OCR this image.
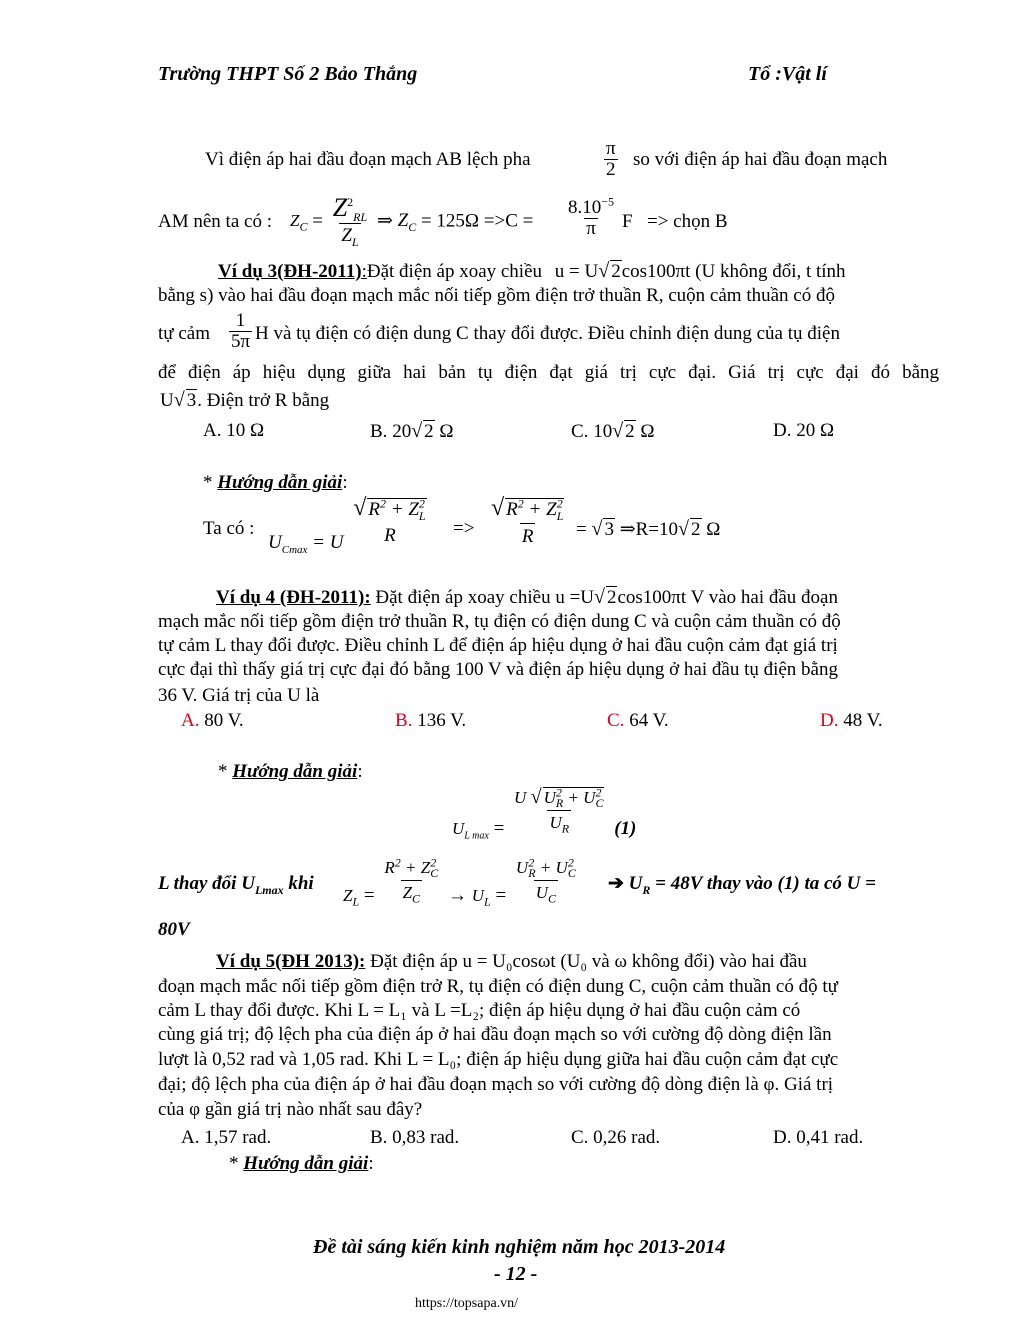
Trường THPT Số 2 Bảo Thắng	Tổ :Vật lí
Vì điện áp hai đầu đoạn mạch AB lệch pha	$\frac{\pi}{2}$ so với điện áp hai đầu đoạn mạch
AM nên ta có : $Z_C = \frac{Z^2_{RL}}{Z_L}$ ⇒ $Z_C = 125\Omega =>C = \frac{8.10^{-5}}{\pi}$ F => chọn B
Ví dụ 3(ĐH-2011):Đặt điện áp xoay chiều u = U√ 2cos100πt (U không đổi, t tính
bằng s) vào hai đầu đoạn mạch mắc nối tiếp gồm điện trở thuần R, cuộn cảm thuần có độ
tự cảm $\frac{1}{5\pi}$ H và tụ điện có điện dung C thay đổi được. Điều chỉnh điện dung của tụ điện
để điện áp hiệu dụng giữa hai bản tụ điện đạt giá trị cực đại. Giá trị cực đại đó bằng
U√ 3. Điện trở R bằng
A. 10 Ω	B. 20√ 2 Ω	C. 10√ 2 Ω	D. 20 Ω
* Hướng dẫn giải:
Ta có :
$U_{Cmax} = U$
√ $R^2 + Z^2_L$
R	=> $\frac{√ R^2 + Z^2_L}{R}$ = √ 3 ⇒R=10√ 2 Ω
Ví dụ 4 (ĐH-2011): Đặt điện áp xoay chiều u =U√ 2cos100πt V vào hai đầu đoạn
mạch mắc nối tiếp gồm điện trở thuần R, tụ điện có điện dung C và cuộn cảm thuần có độ
tự cảm L thay đổi được. Điều chỉnh L để điện áp hiệu dụng ở hai đầu cuộn cảm đạt giá trị
cực đại thì thấy giá trị cực đại đó bằng 100 V và điện áp hiệu dụng ở hai đầu tụ điện bằng
36 V. Giá trị của U là
A. 80 V.	B. 136 V.	C. 64 V.	D. 48 V.
* Hướng dẫn giải:
$U_{L max} = \frac{U √ U^2_R + U^2_C}{U_R} (1)$
L thay đổi $U_{Lmax}$ khi
$Z_L = \frac{R^2 + Z^2_C}{Z_C} \to U_L = \frac{U^2_R + U^2_C}{U_C}$ ➔ $U_R = 48V$ thay vào (1) ta có U =
80V
Ví dụ 5(ĐH 2013): Đặt điện áp u = U₀cosωt (U₀ và ω không đổi) vào hai đầu
đoạn mạch mắc nối tiếp gồm điện trở R, tụ điện có điện dung C, cuộn cảm thuần có độ tự
cảm L thay đổi được. Khi L = L₁ và L =L₂; điện áp hiệu dụng ở hai đầu cuộn cảm có
cùng giá trị; độ lệch pha của điện áp ở hai đầu đoạn mạch so với cường độ dòng điện lần
lượt là 0,52 rad và 1,05 rad. Khi L = L₀; điện áp hiệu dụng giữa hai đầu cuộn cảm đạt cực
đại; độ lệch pha của điện áp ở hai đầu đoạn mạch so với cường độ dòng điện là φ. Giá trị
của φ gần giá trị nào nhất sau đây?
A. 1,57 rad.	B. 0,83 rad.	C. 0,26 rad.	D. 0,41 rad.
* Hướng dẫn giải:
Đề tài sáng kiến kinh nghiệm năm học 2013-2014
- 12 -
https://topsapa.vn/
